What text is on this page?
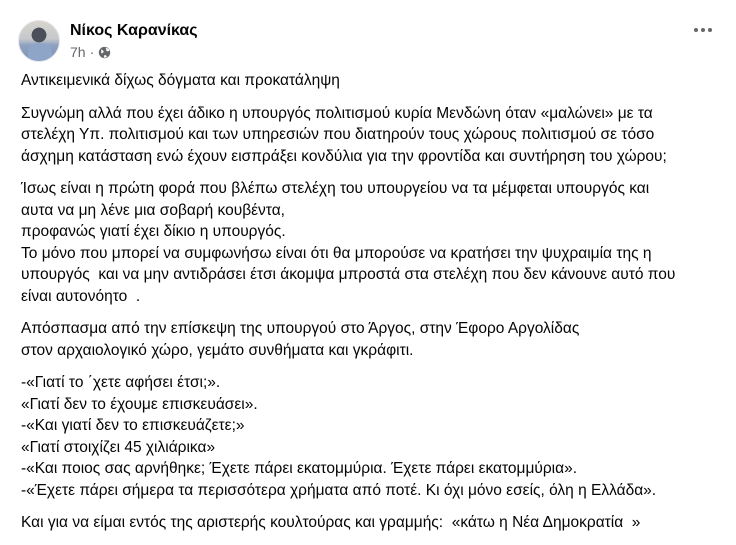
Νίκος Καρανίκας
7h ·

Αντικειμενικά δίχως δόγματα και προκατάληψη

Συγνώμη αλλά που έχει άδικο η υπουργός πολιτισμού κυρία Μενδώνη όταν «μαλώνει» με τα
στελέχη Υπ. πολιτισμού και των υπηρεσιών που διατηρούν τους χώρους πολιτισμού σε τόσο
άσχημη κατάσταση ενώ έχουν εισπράξει κονδύλια για την φροντίδα και συντήρηση του χώρου;

Ίσως είναι η πρώτη φορά που βλέπω στελέχη του υπουργείου να τα μέμφεται υπουργός και
αυτα να μη λένε μια σοβαρή κουβέντα,
προφανώς γιατί έχει δίκιο η υπουργός.
Το μόνο που μπορεί να συμφωνήσω είναι ότι θα μπορούσε να κρατήσει την ψυχραιμία της η
υπουργός  και να μην αντιδράσει έτσι άκομψα μπροστά στα στελέχη που δεν κάνουνε αυτό που
είναι αυτονόητο  .

Απόσπασμα από την επίσκεψη της υπουργού στο Άργος, στην Έφορο Αργολίδας
στον αρχαιολογικό χώρο, γεμάτο συνθήματα και γκράφιτι.

-«Γιατί το ΄χετε αφήσει έτσι;».
«Γιατί δεν το έχουμε επισκευάσει».
-«Και γιατί δεν το επισκευάζετε;»
«Γιατί στοιχίζει 45 χιλιάρικα»
-«Και ποιος σας αρνήθηκε; Έχετε πάρει εκατομμύρια. Έχετε πάρει εκατομμύρια».
-«Έχετε πάρει σήμερα τα περισσότερα χρήματα από ποτέ. Κι όχι μόνο εσείς, όλη η Ελλάδα».

Και για να είμαι εντός της αριστερής κουλτούρας και γραμμής:  «κάτω η Νέα Δημοκρατία  »
